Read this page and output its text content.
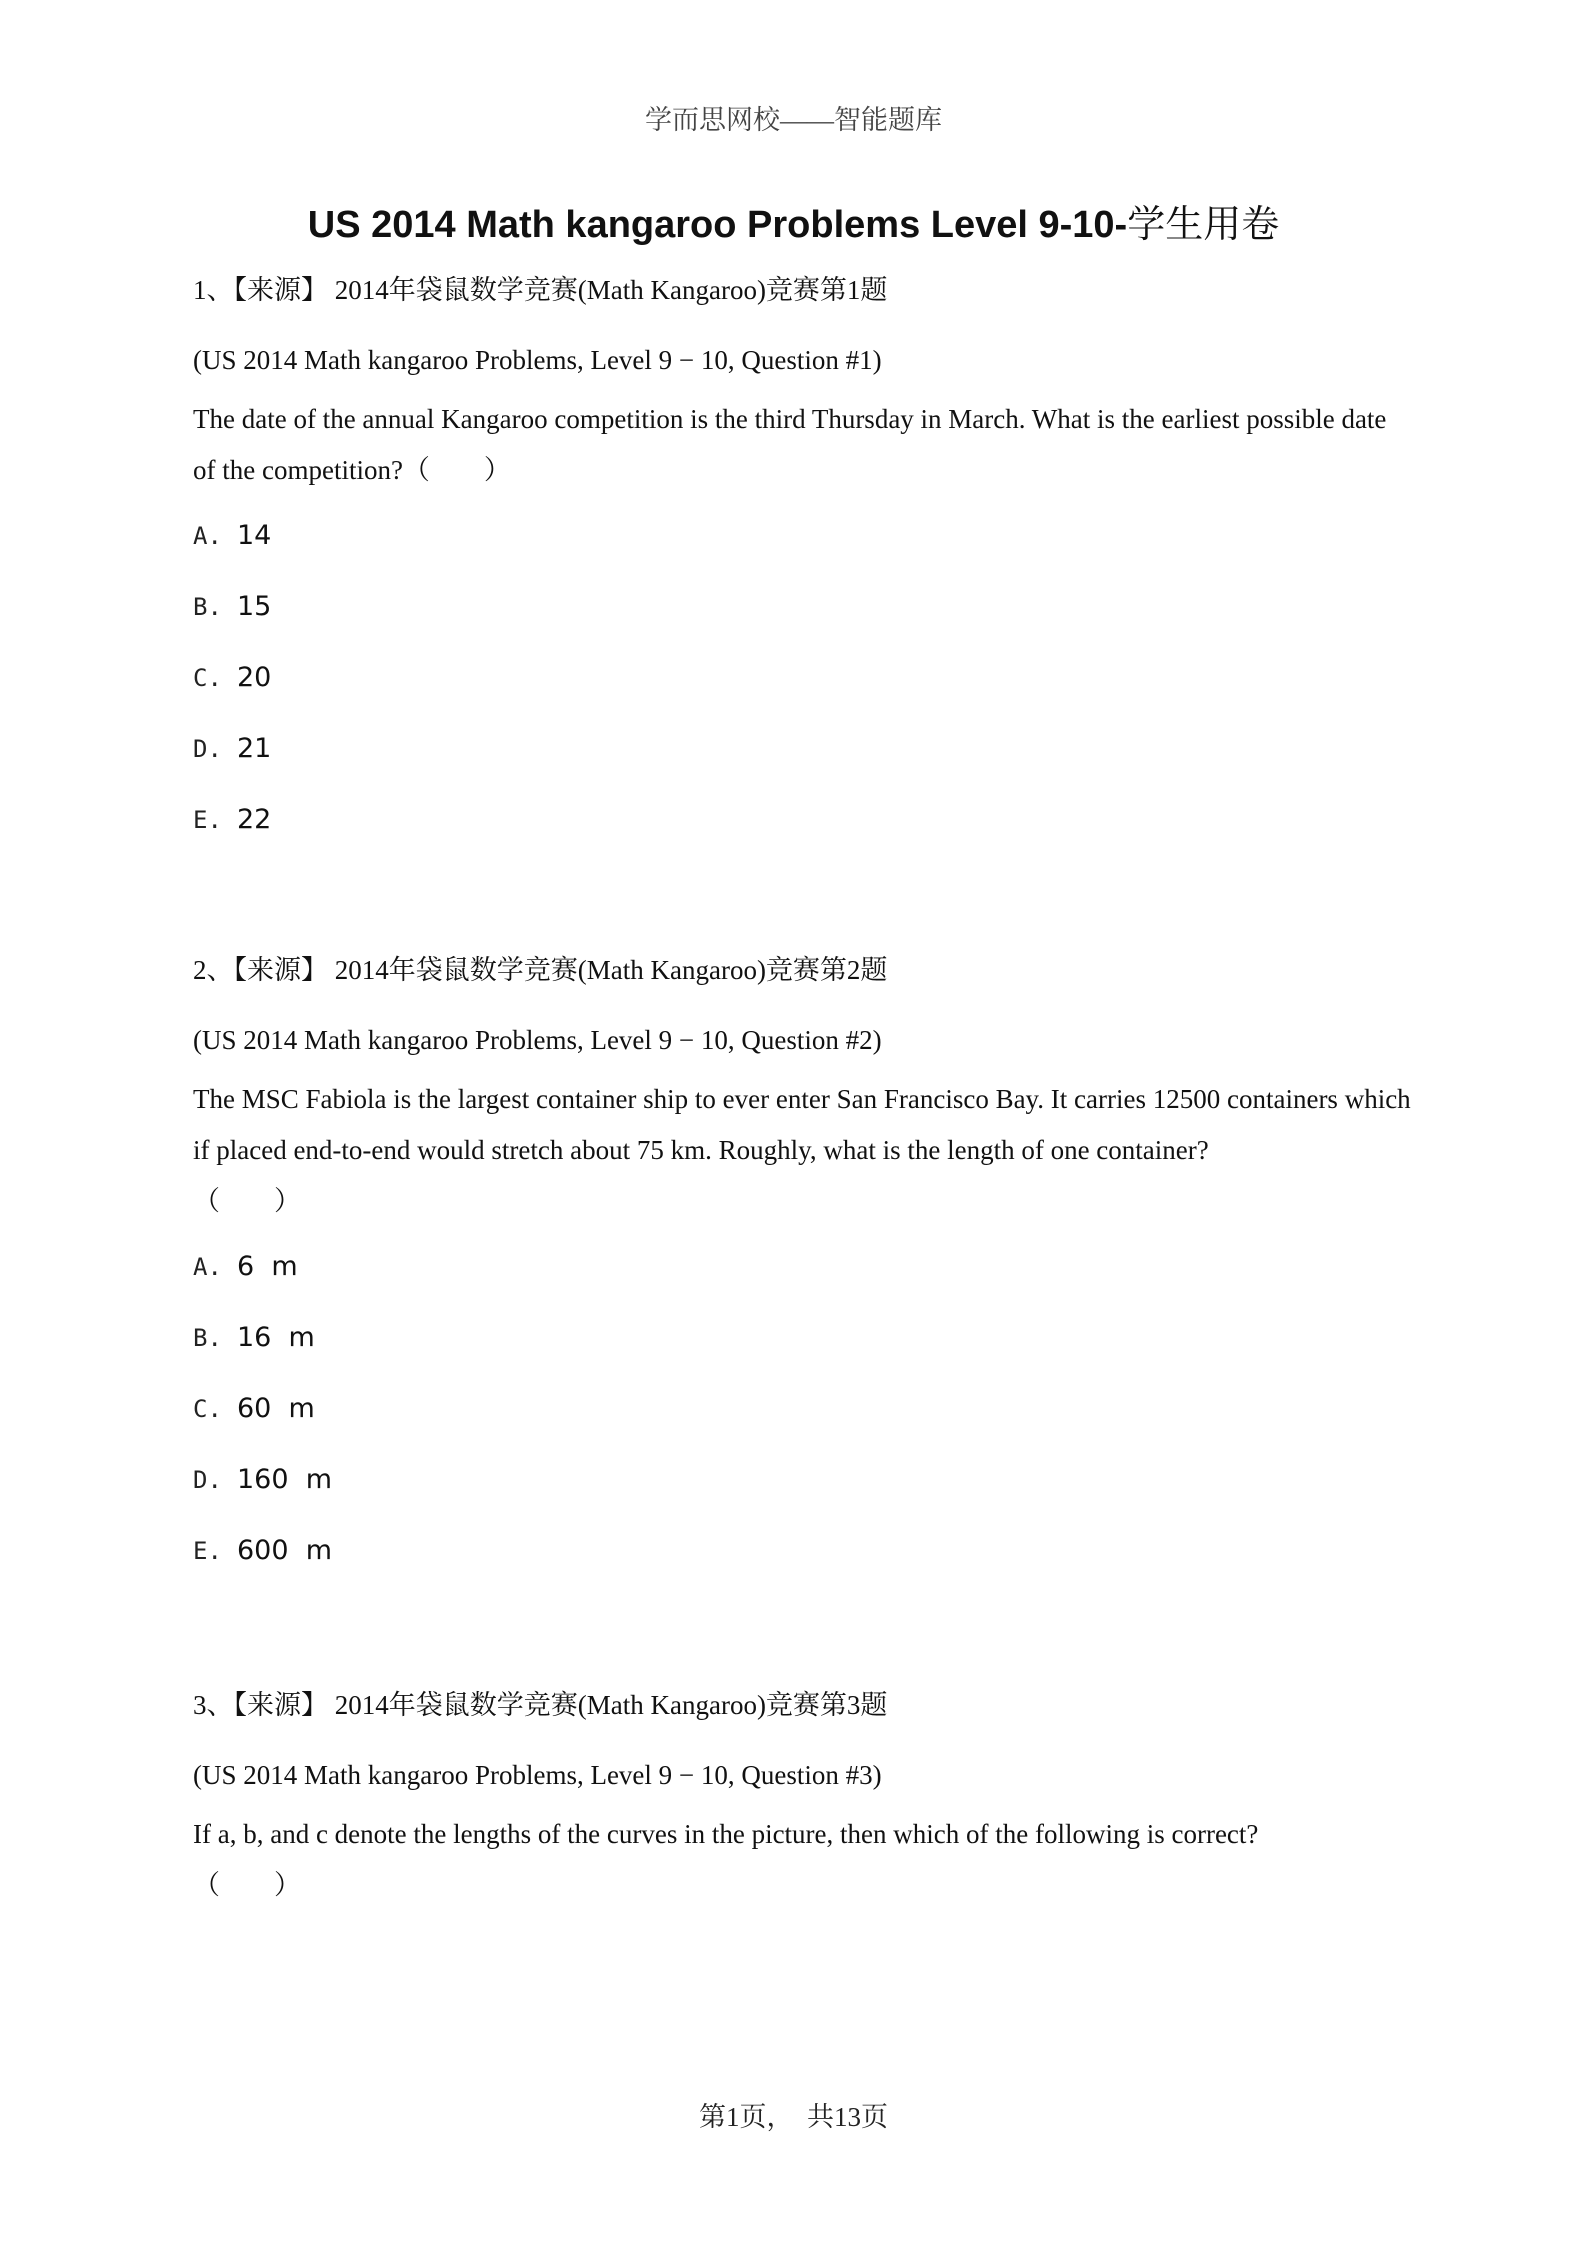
学而思网校——智能题库
US 2014 Math kangaroo Problems Level 9-10-学生用卷
1、【来源】 2014年袋鼠数学竞赛(Math Kangaroo)竞赛第1题
(US 2014 Math kangaroo Problems, Level 9 − 10, Question #1)
The date of the annual Kangaroo competition is the third Thursday in March. What is the earliest possible date of the competition?（　　）
A. 14
B. 15
C. 20
D. 21
E. 22
2、【来源】 2014年袋鼠数学竞赛(Math Kangaroo)竞赛第2题
(US 2014 Math kangaroo Problems, Level 9 − 10, Question #2)
The MSC Fabiola is the largest container ship to ever enter San Francisco Bay. It carries 12500 containers which if placed end-to-end would stretch about 75 km. Roughly, what is the length of one container?
（　　）
A. 6  m
B. 16  m
C. 60  m
D. 160  m
E. 600  m
3、【来源】 2014年袋鼠数学竞赛(Math Kangaroo)竞赛第3题
(US 2014 Math kangaroo Problems, Level 9 − 10, Question #3)
If a, b, and c denote the lengths of the curves in the picture, then which of the following is correct?
（　　）
第1页，　共13页
